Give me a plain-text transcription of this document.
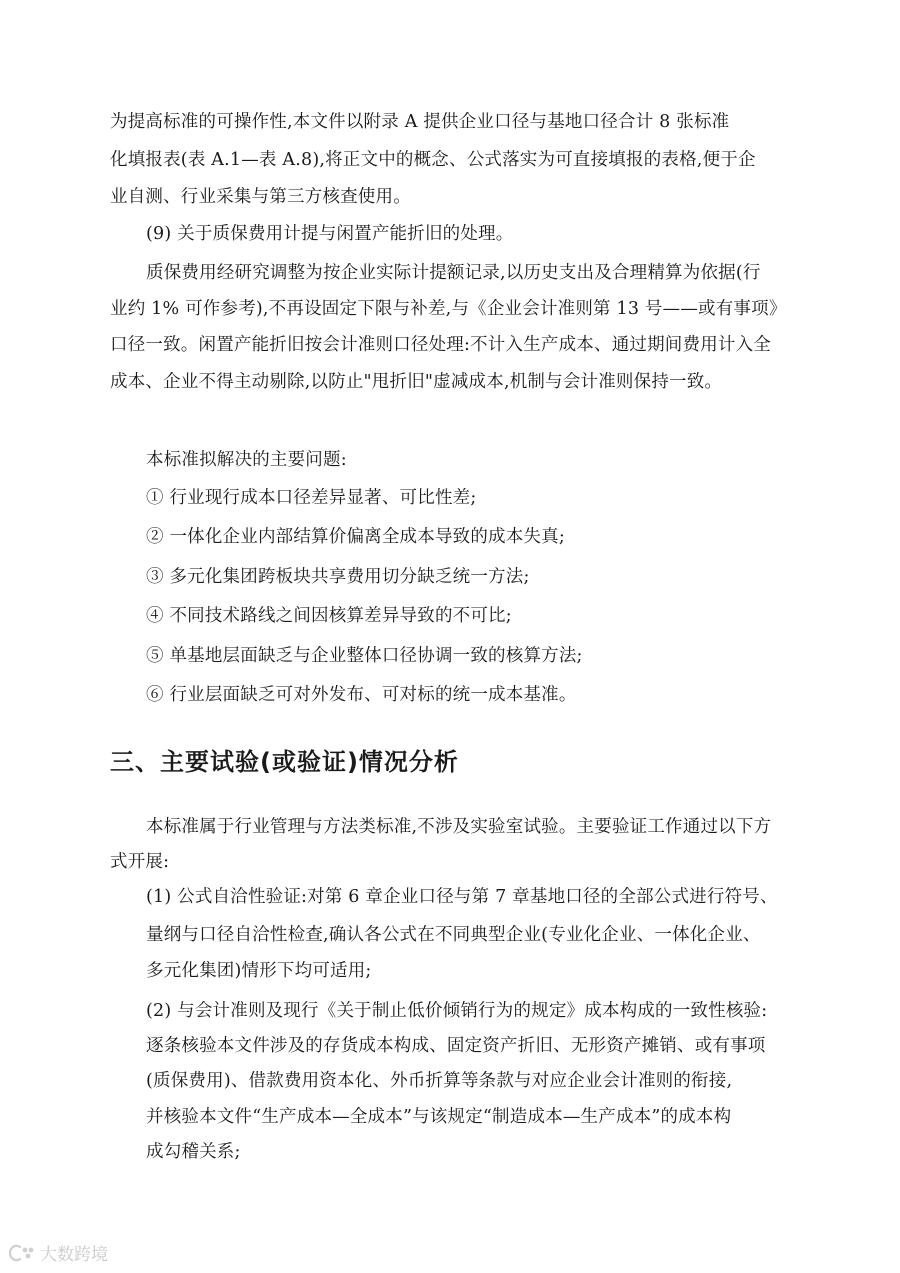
为提高标准的可操作性,本文件以附录 A 提供企业口径与基地口径合计 8 张标准
化填报表(表 A.1—表 A.8),将正文中的概念、公式落实为可直接填报的表格,便于企
业自测、行业采集与第三方核查使用。
(9) 关于质保费用计提与闲置产能折旧的处理。
质保费用经研究调整为按企业实际计提额记录,以历史支出及合理精算为依据(行
业约 1% 可作参考),不再设固定下限与补差,与《企业会计准则第 13 号——或有事项》
口径一致。闲置产能折旧按会计准则口径处理:不计入生产成本、通过期间费用计入全
成本、企业不得主动剔除,以防止"甩折旧"虚减成本,机制与会计准则保持一致。
本标准拟解决的主要问题:
① 行业现行成本口径差异显著、可比性差;
② 一体化企业内部结算价偏离全成本导致的成本失真;
③ 多元化集团跨板块共享费用切分缺乏统一方法;
④ 不同技术路线之间因核算差异导致的不可比;
⑤ 单基地层面缺乏与企业整体口径协调一致的核算方法;
⑥ 行业层面缺乏可对外发布、可对标的统一成本基准。
三、主要试验(或验证)情况分析
本标准属于行业管理与方法类标准,不涉及实验室试验。主要验证工作通过以下方
式开展:
(1) 公式自洽性验证:对第 6 章企业口径与第 7 章基地口径的全部公式进行符号、
量纲与口径自洽性检查,确认各公式在不同典型企业(专业化企业、一体化企业、
多元化集团)情形下均可适用;
(2) 与会计准则及现行《关于制止低价倾销行为的规定》成本构成的一致性核验:
逐条核验本文件涉及的存货成本构成、固定资产折旧、无形资产摊销、或有事项
(质保费用)、借款费用资本化、外币折算等条款与对应企业会计准则的衔接,
并核验本文件“生产成本—全成本”与该规定“制造成本—生产成本”的成本构
成勾稽关系;
大数跨境
